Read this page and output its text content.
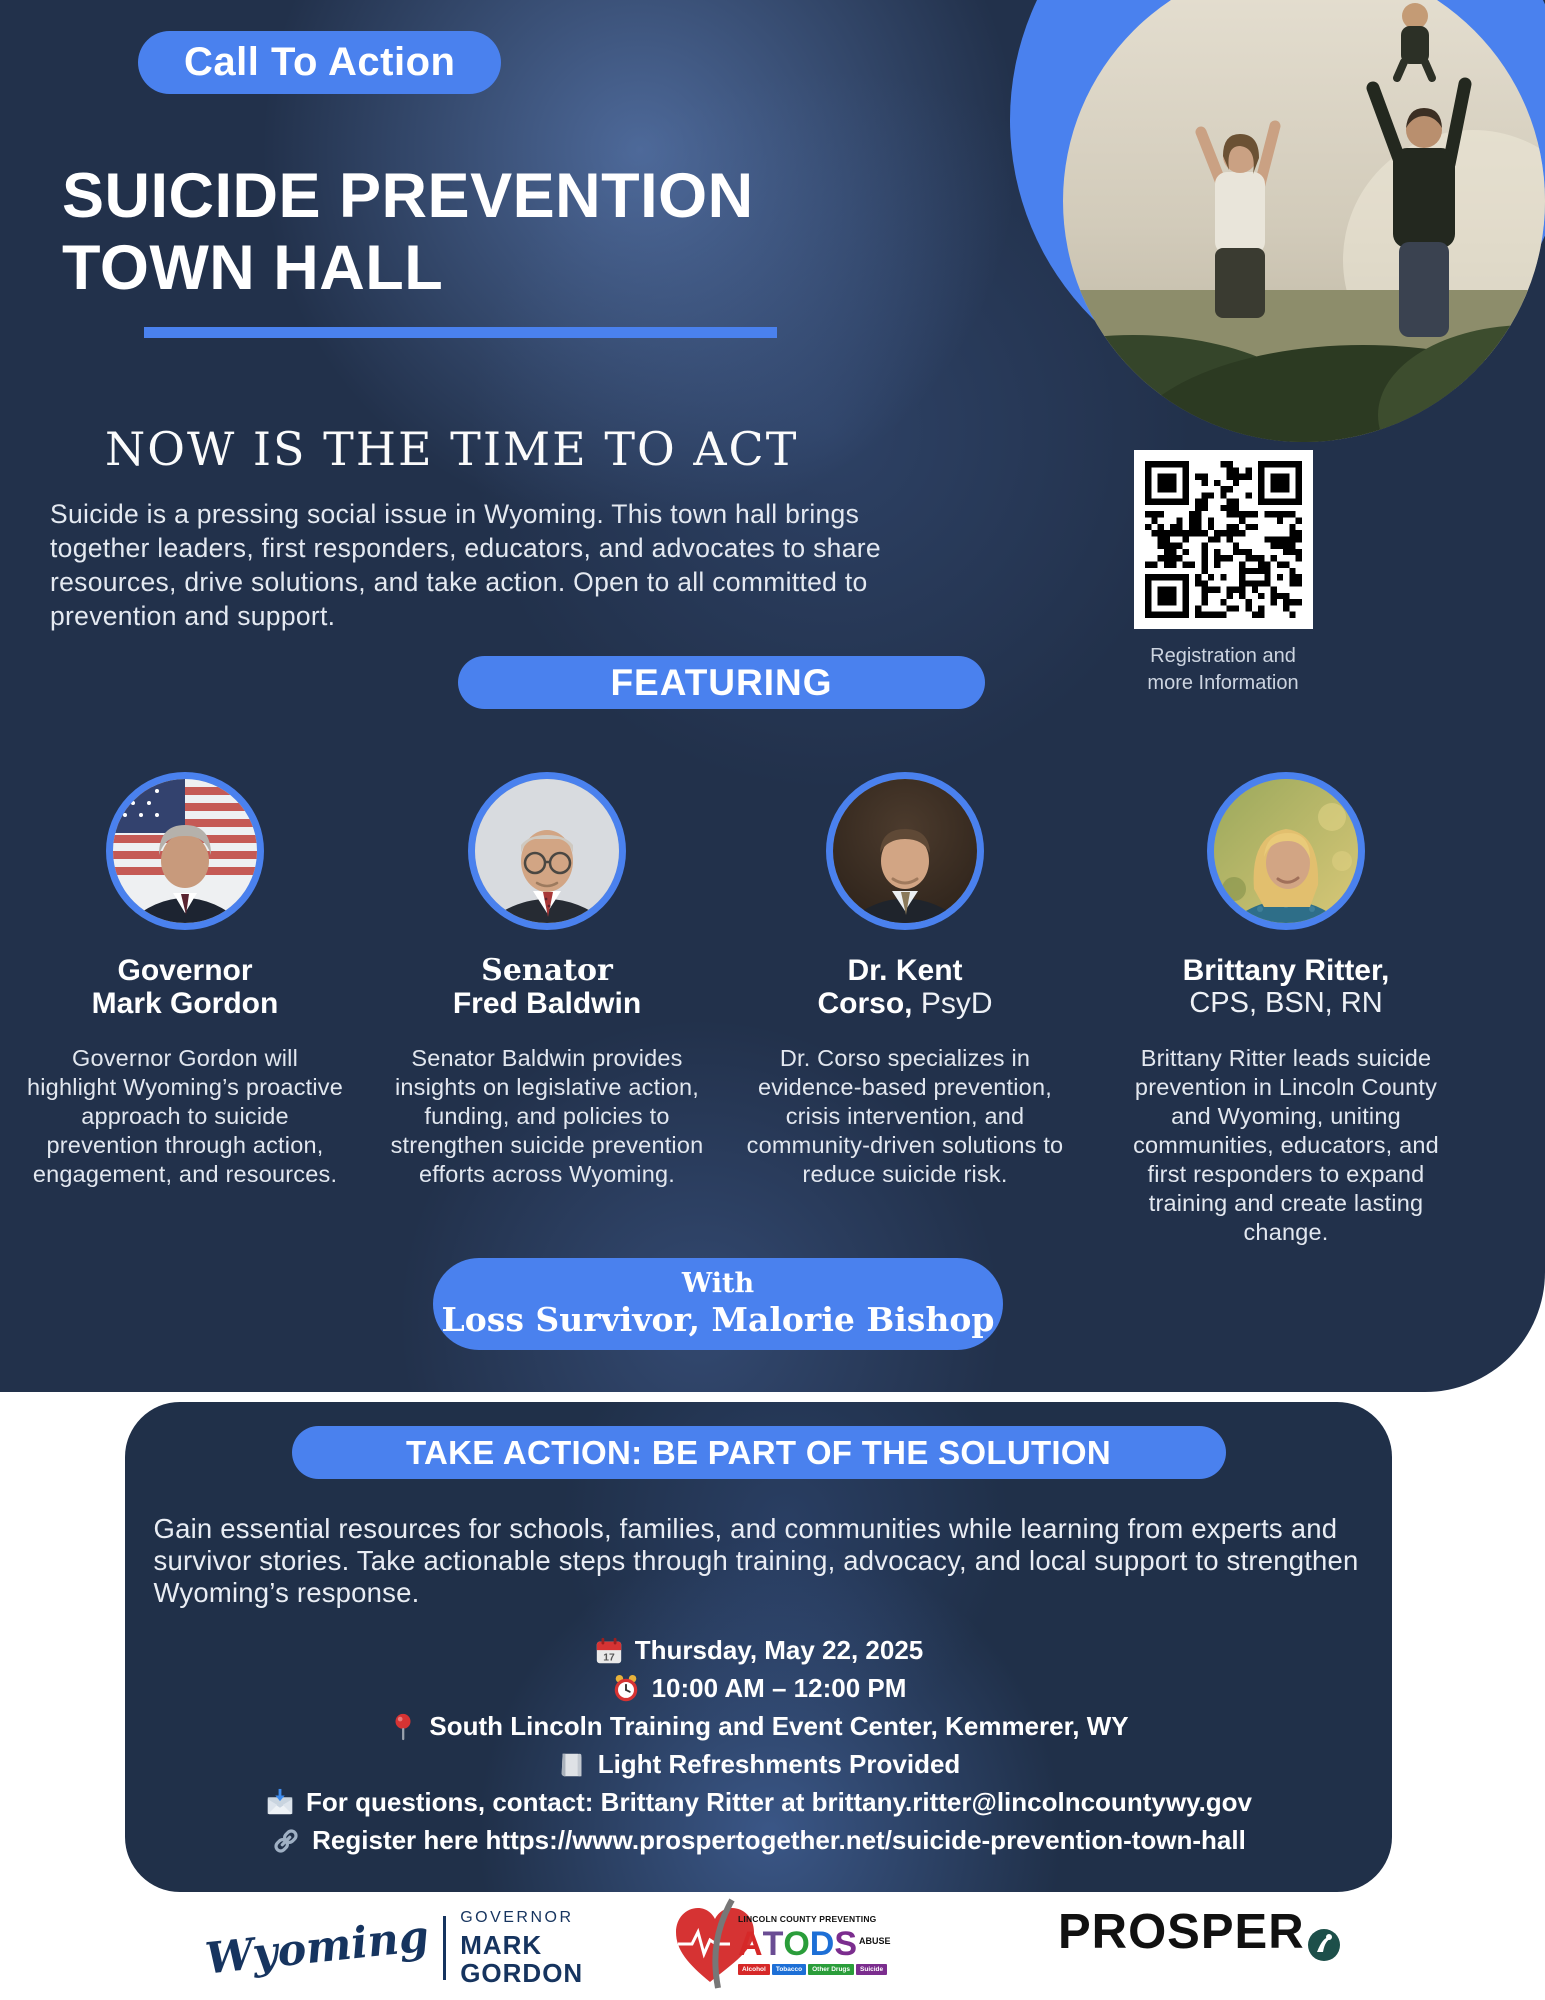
Call To Action
SUICIDE PREVENTION
TOWN HALL
NOW IS THE TIME TO ACT

Suicide is a pressing social issue in Wyoming. This town hall brings together leaders, first responders, educators, and advocates to share resources, drive solutions, and take action. Open to all committed to prevention and support.

Registration and
more Information
FEATURING
Governor
Mark Gordon

Governor Gordon will highlight Wyoming’s proactive approach to suicide prevention through action, engagement, and resources.

Senator
Fred Baldwin

Senator Baldwin provides insights on legislative action, funding, and policies to strengthen suicide prevention efforts across Wyoming.

Dr. Kent
Corso, PsyD

Dr. Corso specializes in evidence-based prevention, crisis intervention, and community-driven solutions to reduce suicide risk.

Brittany Ritter,
CPS, BSN, RN

Brittany Ritter leads suicide prevention in Lincoln County and Wyoming, uniting communities, educators, and first responders to expand training and create lasting change.

With
Loss Survivor, Malorie Bishop
TAKE ACTION: BE PART OF THE SOLUTION

Gain essential resources for schools, families, and communities while learning from experts and survivor stories. Take actionable steps through training, advocacy, and local support to strengthen Wyoming’s response.

17 Thursday, May 22, 2025
10:00 AM – 12:00 PM
South Lincoln Training and Event Center, Kemmerer, WY
Light Refreshments Provided
For questions, contact: Brittany Ritter at brittany.ritter@lincolncountywy.gov
Register here https://www.prospertogether.net/suicide-prevention-town-hall
Wyoming GOVERNOR
MARK
GORDON
LINCOLN COUNTY PREVENTING
A T O D S ABUSE
Alcohol	Tobacco	Other Drugs	Suicide
PROSPER
